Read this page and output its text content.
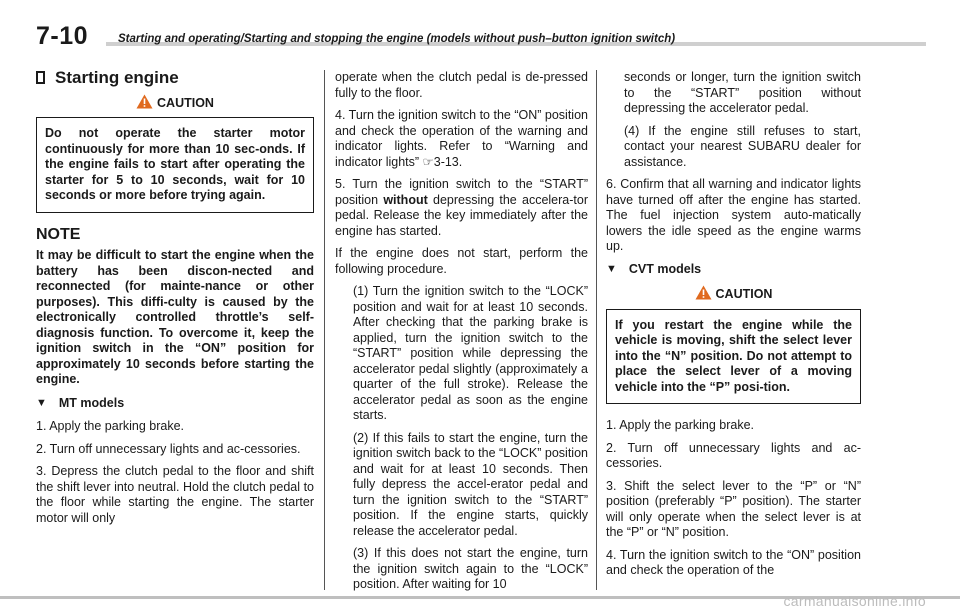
7-10	Starting and operating/Starting and stopping the engine (models without push–button ignition switch)
Starting engine
CAUTION
Do not operate the starter motor continuously for more than 10 sec-onds. If the engine fails to start after operating the starter for 5 to 10 seconds, wait for 10 seconds or more before trying again.
NOTE
It may be difficult to start the engine when the battery has been discon-nected and reconnected (for mainte-nance or other purposes). This diffi-culty is caused by the electronically controlled throttle’s self-diagnosis function. To overcome it, keep the ignition switch in the “ON” position for approximately 10 seconds before starting the engine.
▼ MT models

1. Apply the parking brake.

2. Turn off unnecessary lights and ac-cessories.

3. Depress the clutch pedal to the floor and shift the shift lever into neutral. Hold the clutch pedal to the floor while starting the engine. The starter motor will only

operate when the clutch pedal is de-pressed fully to the floor.

4. Turn the ignition switch to the “ON” position and check the operation of the warning and indicator lights. Refer to “Warning and indicator lights” ☞3-13.

5. Turn the ignition switch to the “START” position without depressing the accelera-tor pedal. Release the key immediately after the engine has started.

If the engine does not start, perform the following procedure.

(1) Turn the ignition switch to the “LOCK” position and wait for at least 10 seconds. After checking that the parking brake is applied, turn the ignition switch to the “START” position while depressing the accelerator pedal slightly (approximately a quarter of the full stroke). Release the accelerator pedal as soon as the engine starts.

(2) If this fails to start the engine, turn the ignition switch back to the “LOCK” position and wait for at least 10 seconds. Then fully depress the accel-erator pedal and turn the ignition switch to the “START” position. If the engine starts, quickly release the accelerator pedal.

(3) If this does not start the engine, turn the ignition switch again to the “LOCK” position. After waiting for 10

seconds or longer, turn the ignition switch to the “START” position without depressing the accelerator pedal.

(4) If the engine still refuses to start, contact your nearest SUBARU dealer for assistance.

6. Confirm that all warning and indicator lights have turned off after the engine has started. The fuel injection system auto-matically lowers the idle speed as the engine warms up.

▼ CVT models
CAUTION
If you restart the engine while the vehicle is moving, shift the select lever into the “N” position. Do not attempt to place the select lever of a moving vehicle into the “P” posi-tion.

1. Apply the parking brake.

2. Turn off unnecessary lights and ac-cessories.

3. Shift the select lever to the “P” or “N” position (preferably “P” position). The starter will only operate when the select lever is at the “P” or “N” position.

4. Turn the ignition switch to the “ON” position and check the operation of the

carmanualsonline.info
